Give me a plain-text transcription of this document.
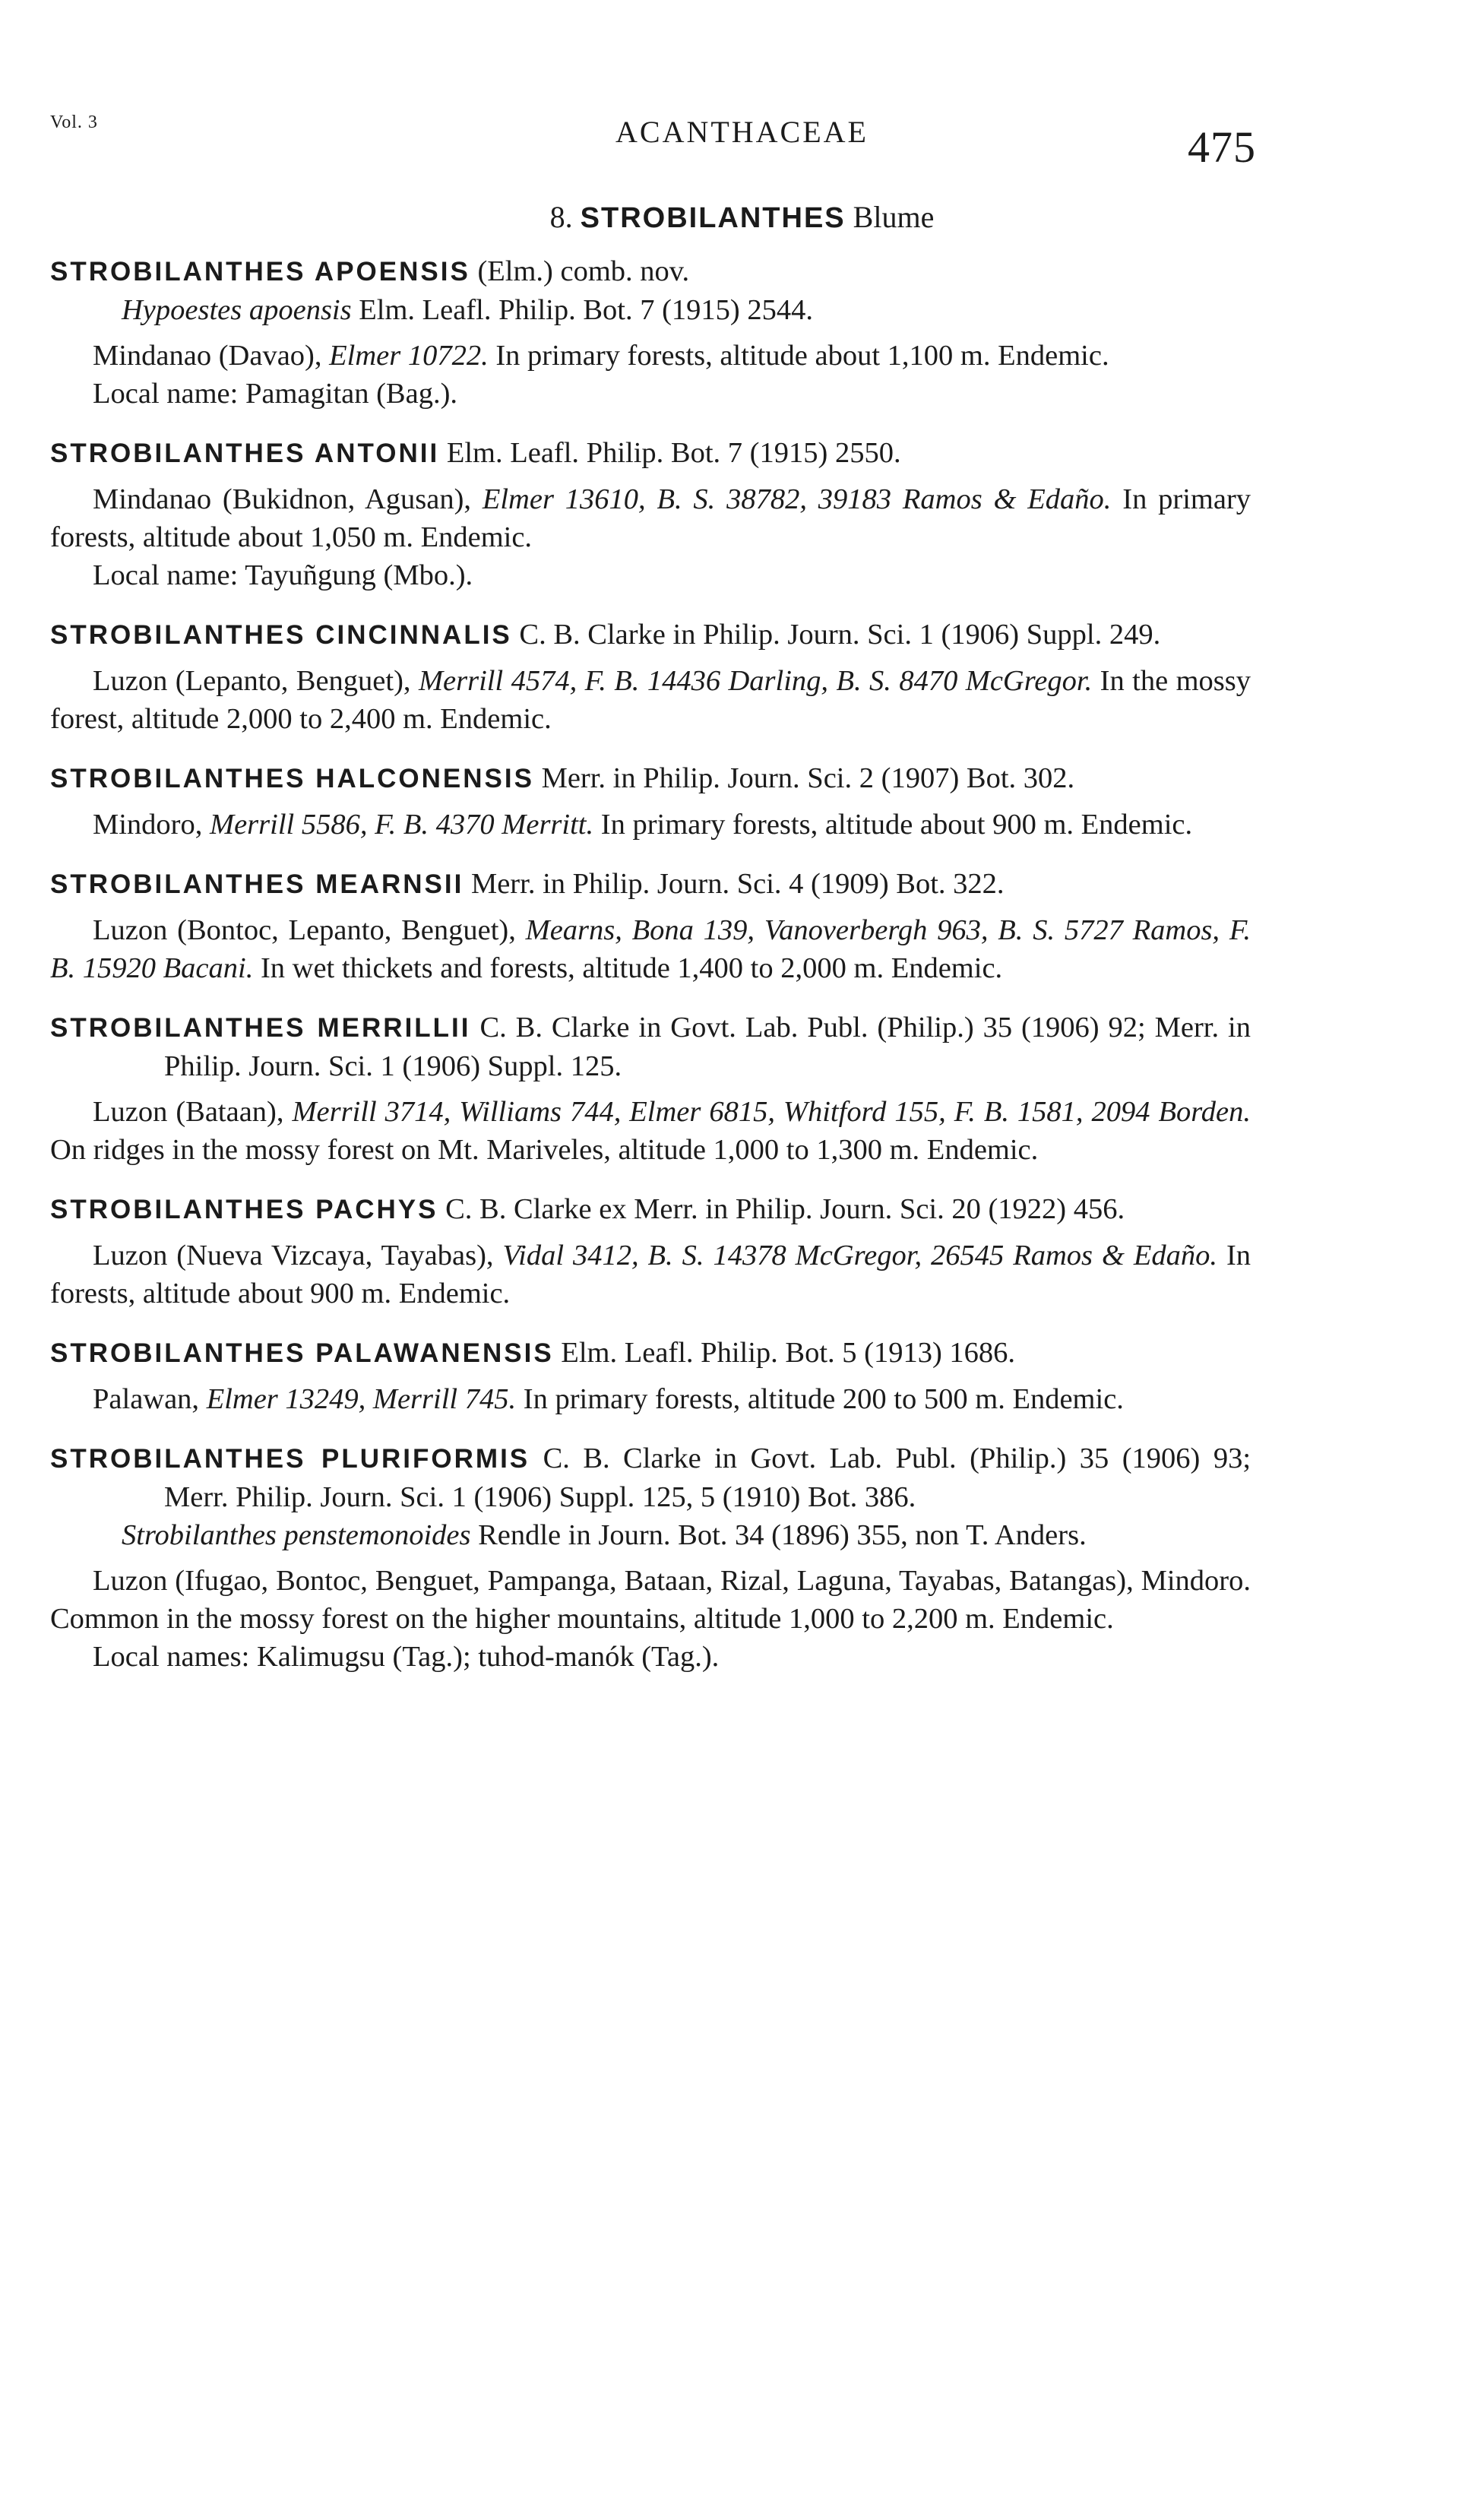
Vol. 3	ACANTHACEAE	475
8. STROBILANTHES Blume

STROBILANTHES APOENSIS (Elm.) comb. nov.

Hypoestes apoensis Elm. Leafl. Philip. Bot. 7 (1915) 2544.

Mindanao (Davao), Elmer 10722. In primary forests, altitude about 1,100 m. Endemic.

Local name: Pamagitan (Bag.).

STROBILANTHES ANTONII Elm. Leafl. Philip. Bot. 7 (1915) 2550.

Mindanao (Bukidnon, Agusan), Elmer 13610, B. S. 38782, 39183 Ramos & Edaño. In primary forests, altitude about 1,050 m. Endemic.

Local name: Tayuñgung (Mbo.).

STROBILANTHES CINCINNALIS C. B. Clarke in Philip. Journ. Sci. 1 (1906) Suppl. 249.

Luzon (Lepanto, Benguet), Merrill 4574, F. B. 14436 Darling, B. S. 8470 McGregor. In the mossy forest, altitude 2,000 to 2,400 m. Endemic.

STROBILANTHES HALCONENSIS Merr. in Philip. Journ. Sci. 2 (1907) Bot. 302.

Mindoro, Merrill 5586, F. B. 4370 Merritt. In primary forests, altitude about 900 m. Endemic.

STROBILANTHES MEARNSII Merr. in Philip. Journ. Sci. 4 (1909) Bot. 322.

Luzon (Bontoc, Lepanto, Benguet), Mearns, Bona 139, Vanoverbergh 963, B. S. 5727 Ramos, F. B. 15920 Bacani. In wet thickets and forests, altitude 1,400 to 2,000 m. Endemic.

STROBILANTHES MERRILLII C. B. Clarke in Govt. Lab. Publ. (Philip.) 35 (1906) 92; Merr. in Philip. Journ. Sci. 1 (1906) Suppl. 125.

Luzon (Bataan), Merrill 3714, Williams 744, Elmer 6815, Whitford 155, F. B. 1581, 2094 Borden. On ridges in the mossy forest on Mt. Mariveles, altitude 1,000 to 1,300 m. Endemic.

STROBILANTHES PACHYS C. B. Clarke ex Merr. in Philip. Journ. Sci. 20 (1922) 456.

Luzon (Nueva Vizcaya, Tayabas), Vidal 3412, B. S. 14378 McGregor, 26545 Ramos & Edaño. In forests, altitude about 900 m. Endemic.

STROBILANTHES PALAWANENSIS Elm. Leafl. Philip. Bot. 5 (1913) 1686.

Palawan, Elmer 13249, Merrill 745. In primary forests, altitude 200 to 500 m. Endemic.

STROBILANTHES PLURIFORMIS C. B. Clarke in Govt. Lab. Publ. (Philip.) 35 (1906) 93; Merr. Philip. Journ. Sci. 1 (1906) Suppl. 125, 5 (1910) Bot. 386.

Strobilanthes penstemonoides Rendle in Journ. Bot. 34 (1896) 355, non T. Anders.

Luzon (Ifugao, Bontoc, Benguet, Pampanga, Bataan, Rizal, Laguna, Tayabas, Batangas), Mindoro. Common in the mossy forest on the higher mountains, altitude 1,000 to 2,200 m. Endemic.

Local names: Kalimugsu (Tag.); tuhod-manók (Tag.).
